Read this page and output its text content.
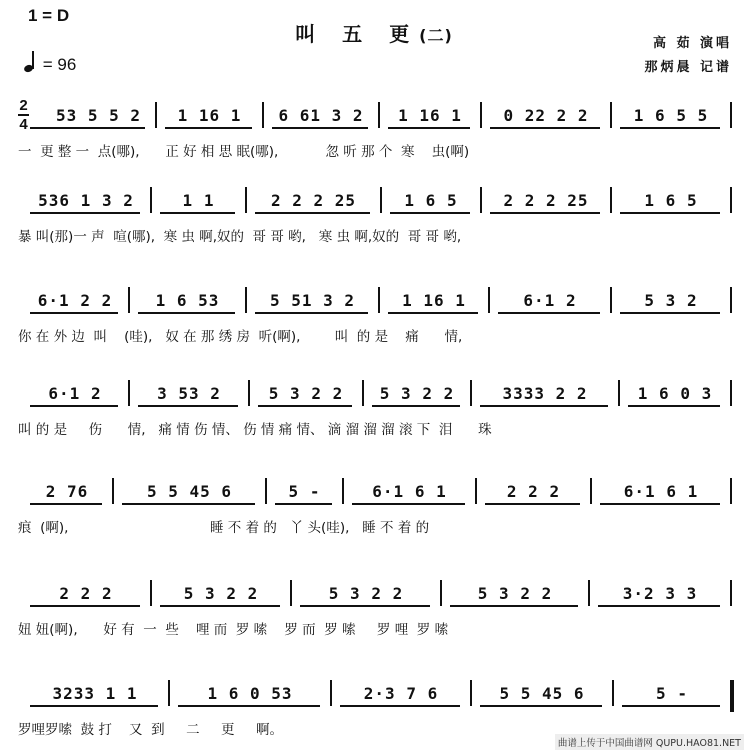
1 = D
= 96
叫 五 更(二)	高 茹 演唱
那炳晨 记谱
53 5 5 2	1 16 1	6 61 3 2	1 16 1	0 22 2 2	1 6 5 5
一  更 整 一  点(哪),      正 好 相 思 眠(哪),           忽 听 那 个  寒    虫(啊)
2
4
536 1 3 2	1 1	2 2 2 25	1 6 5	2 2 2 25	1 6 5
暴 叫(那)一 声  喧(哪),  寒 虫 啊,奴的  哥 哥 哟,   寒 虫 啊,奴的  哥 哥 哟,
6·1 2 2	1 6 53	5 51 3 2	1 16 1	6·1 2	5 3 2
你 在 外 边  叫    (哇),   奴 在 那 绣 房  听(啊),        叫  的 是    痛      情,
6·1 2	3 53 2	5 3 2 2	5 3 2 2	3333 2 2	1 6 0 3
叫 的 是     伤      情,   痛 情 伤 情、 伤 情 痛 情、 滴 溜 溜 溜 滚 下  泪      珠
2 76	5 5 45 6	5 -	6·1 6 1	2 2 2	6·1 6 1
痕  (啊),                                 睡 不 着 的   丫 头(哇),   睡 不 着 的
2 2 2	5 3 2 2	5 3 2 2	5 3 2 2	3·2 3 3
妞 妞(啊),      好 有  一  些    哩 而  罗 嗦    罗 而  罗 嗦     罗 哩  罗 嗦
3233 1 1	1 6 0 53	2·3 7 6	5 5 45 6	5 -
罗哩罗嗦  鼓 打    又  到     二     更     啊。
曲谱上传于中国曲谱网 QUPU.HAO81.NET
